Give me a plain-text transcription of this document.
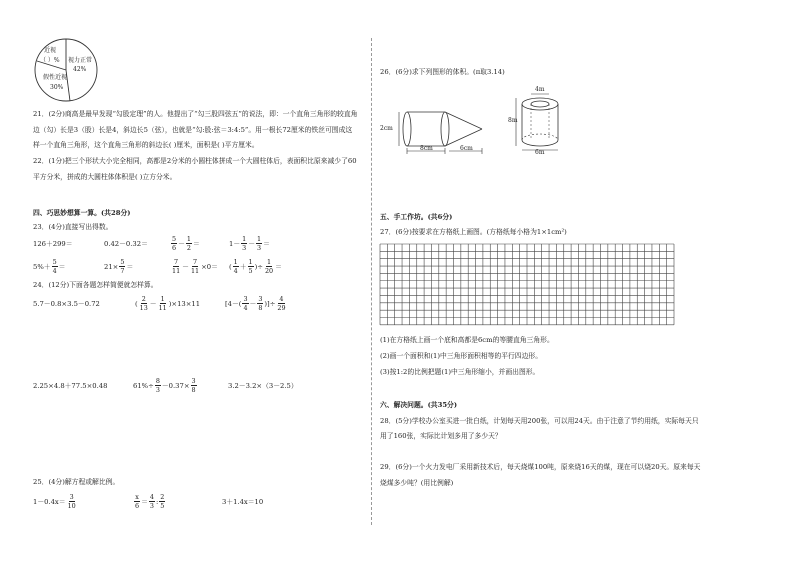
近视
（ ）% 视力正常
42%
假性近视
30%
21．(2分)商高是最早发现“勾股定理”的人。他提出了“勾三股四弦五”的说法，即：一个直角三角形的较直角
边（勾）长是3（股）长是4，斜边长5（弦），也就是“勾:股:弦＝3:4:5”。用一根长72厘米的铁丝可围成这
样一个直角三角形，这个直角三角形的斜边长( )厘米，面积是( )平方厘米。
22．(1分)把三个形状大小完全相同，高都是2分米的小圆柱体拼成一个大圆柱体后，表面积比原来减少了60
平方分米，拼成的大圆柱体体积是( )立方分米。
四、巧思妙想算一算。(共28分)
23．(4分)直接写出得数。
126＋299＝	0.42－0.32＝	$\frac{5}{6} - \frac{1}{2}$ ＝	$1- \frac{1}{3} - \frac{1}{3}$ ＝
$5\%+ \frac{5}{4}$ ＝	$21\times \frac{5}{7}$ ＝	$\frac{7}{11} - \frac{7}{11} \times 0=$ ( $\frac{1}{4} + \frac{1}{5}$ )÷ $\frac{1}{20}$ ＝
24．(12分)下面各题怎样简便就怎样算。
5.7－0.8×3.5－0.72	( $\frac{2}{13} - \frac{1}{11} )\times 13\times 11$	[$4-( \frac{3}{4} - \frac{3}{8}$ )]÷ $\frac{4}{29}$
2.25×4.8＋77.5×0.48	$61\%\div \frac{8}{3} -0.37\times \frac{3}{8}$	3.2－3.2×（3－2.5）
25．(4分)解方程或解比例。
$1-0.4x= \frac{3}{10}$	$\frac{x}{6} = \frac{4}{3}$ : $\frac{2}{5}$	3＋1.4x＝10
26．(6分)求下列图形的体积。(π取3.14)
2cm
8cm	6cm
4m
8m
6m
五、手工作坊。(共6分)
27．(6分)按要求在方格纸上画图。(方格纸每小格为1×1cm²)
(1)在方格纸上画一个底和高都是6cm的等腰直角三角形。
(2)画一个面积和(1)中三角形面积相等的平行四边形。
(3)按1:2的比例把题(1)中三角形缩小，并画出图形。
六、解决问题。(共35分)
28．(5分)学校办公室买进一批白纸，计划每天用200张，可以用24天。由于注意了节约用纸，实际每天只
用了160张，实际比计划多用了多少天？
29．(6分)一个火力发电厂采用新技术后，每天烧煤100吨，原来烧16天的煤，现在可以烧20天。原来每天
烧煤多少吨？(用比例解)
